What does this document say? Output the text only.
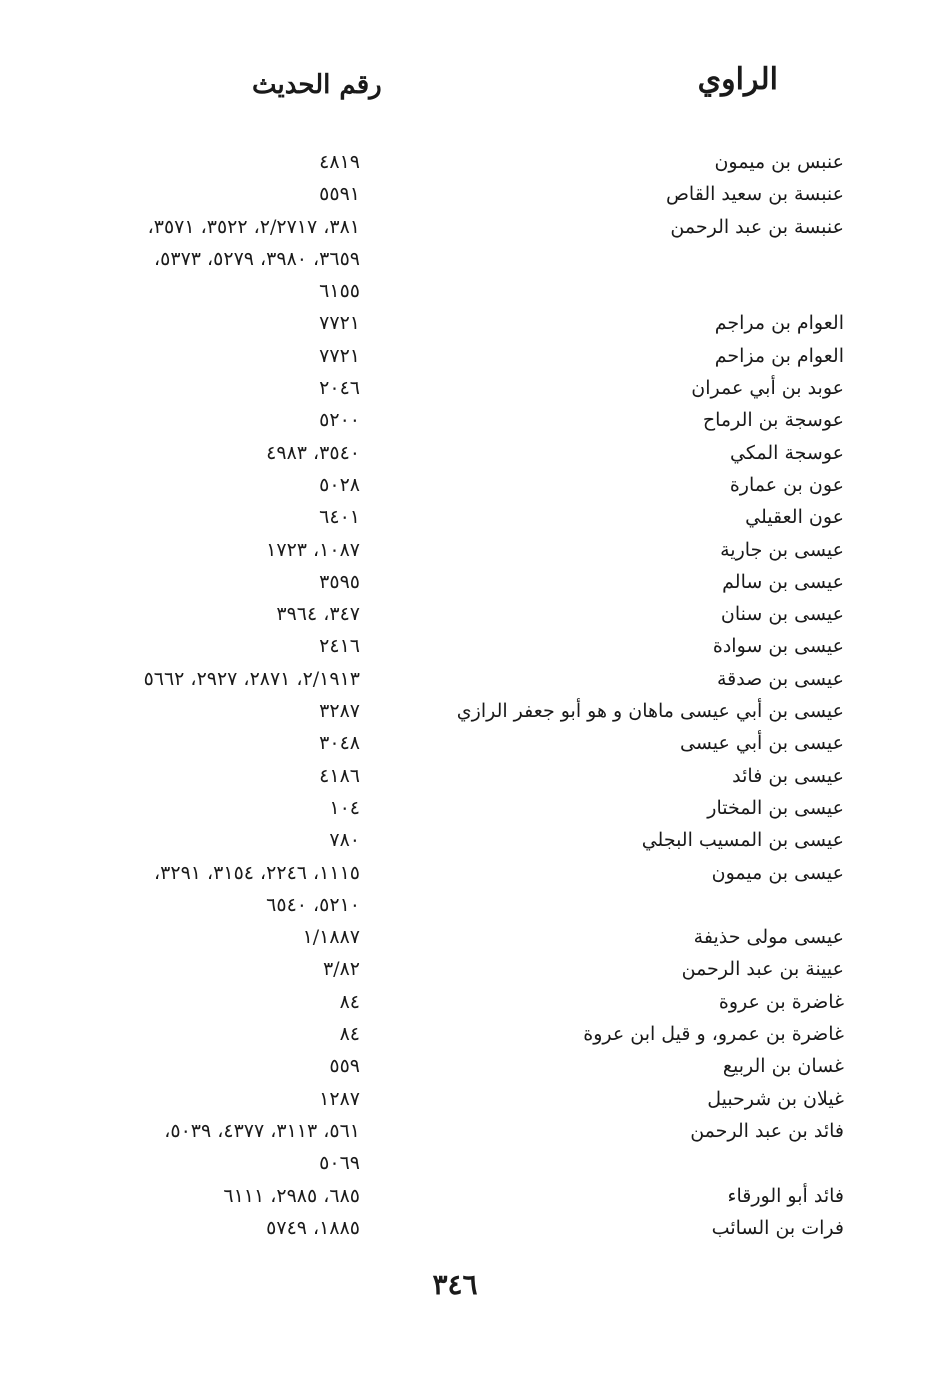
الراوي
رقم الحديث
عنبس بن ميمون
٤٨١٩
عنبسة بن سعيد القاص
٥٥٩١
عنبسة بن عبد الرحمن
٣٨١، ٢/٢٧١٧، ٣٥٢٢، ٣٥٧١،
٣٦٥٩، ٣٩٨٠، ٥٢٧٩، ٥٣٧٣،
٦١٥٥
العوام بن مراجم
٧٧٢١
العوام بن مزاحم
٧٧٢١
عوبد بن أبي عمران
٢٠٤٦
عوسجة بن الرماح
٥٢٠٠
عوسجة المكي
٣٥٤٠، ٤٩٨٣
عون بن عمارة
٥٠٢٨
عون العقيلي
٦٤٠١
عيسى بن جارية
١٠٨٧، ١٧٢٣
عيسى بن سالم
٣٥٩٥
عيسى بن سنان
٣٤٧، ٣٩٦٤
عيسى بن سوادة
٢٤١٦
عيسى بن صدقة
٢/١٩١٣، ٢٨٧١، ٢٩٢٧، ٥٦٦٢
عيسى بن أبي عيسى ماهان و هو أبو جعفر الرازي
٣٢٨٧
عيسى بن أبي عيسى
٣٠٤٨
عيسى بن فائد
٤١٨٦
عيسى بن المختار
١٠٤
عيسى بن المسيب البجلي
٧٨٠
عيسى بن ميمون
١١١٥، ٢٢٤٦، ٣١٥٤، ٣٢٩١،
٥٢١٠، ٦٥٤٠
عيسى مولى حذيفة
١/١٨٨٧
عيينة بن عبد الرحمن
٣/٨٢
غاضرة بن عروة
٨٤
غاضرة بن عمرو، و قيل ابن عروة
٨٤
غسان بن الربيع
٥٥٩
غيلان بن شرحبيل
١٢٨٧
فائد بن عبد الرحمن
٥٦١، ٣١١٣، ٤٣٧٧، ٥٠٣٩،
٥٠٦٩
فائد أبو الورقاء
٦٨٥، ٢٩٨٥، ٦١١١
فرات بن السائب
١٨٨٥، ٥٧٤٩
٣٤٦
